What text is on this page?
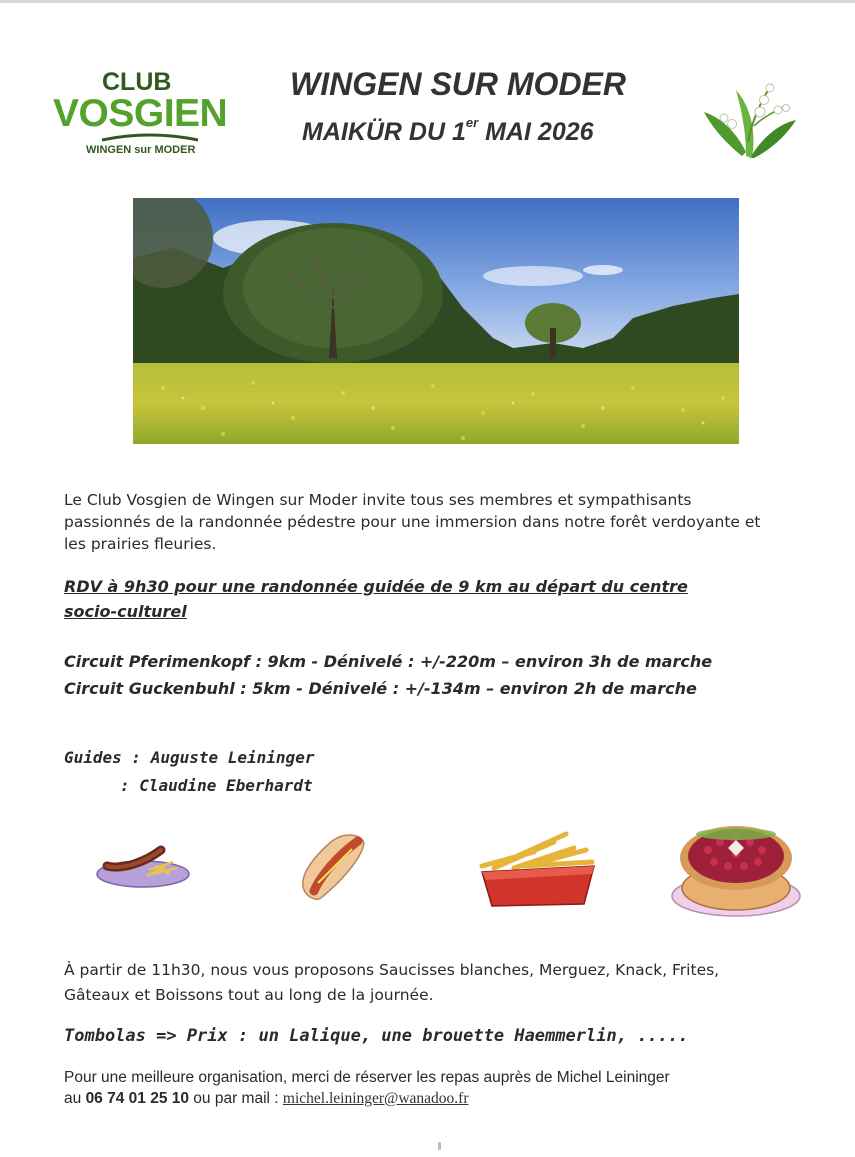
CLUB
VOSGIEN
WINGEN sur MODER
WINGEN SUR MODER
MAIKÜR DU 1er MAI 2026
Le Club Vosgien de Wingen sur Moder invite tous ses membres et sympathisants
passionnés de la randonnée pédestre pour une immersion dans notre forêt verdoyante et
les prairies fleuries.
RDV à 9h30 pour une randonnée guidée de 9 km au départ du centre
socio-culturel
Circuit Pferimenkopf : 9km - Dénivelé : +/-220m – environ 3h de marche
Circuit Guckenbuhl : 5km - Dénivelé : +/-134m – environ 2h de marche
Guides : Auguste Leininger
: Claudine Eberhardt
À partir de 11h30, nous vous proposons Saucisses blanches, Merguez, Knack, Frites,
Gâteaux et Boissons tout au long de la journée.
Tombolas => Prix : un Lalique, une brouette Haemmerlin, .....
Pour une meilleure organisation, merci de réserver les repas auprès de Michel Leininger
au 06 74 01 25 10 ou par mail : michel.leininger@wanadoo.fr
